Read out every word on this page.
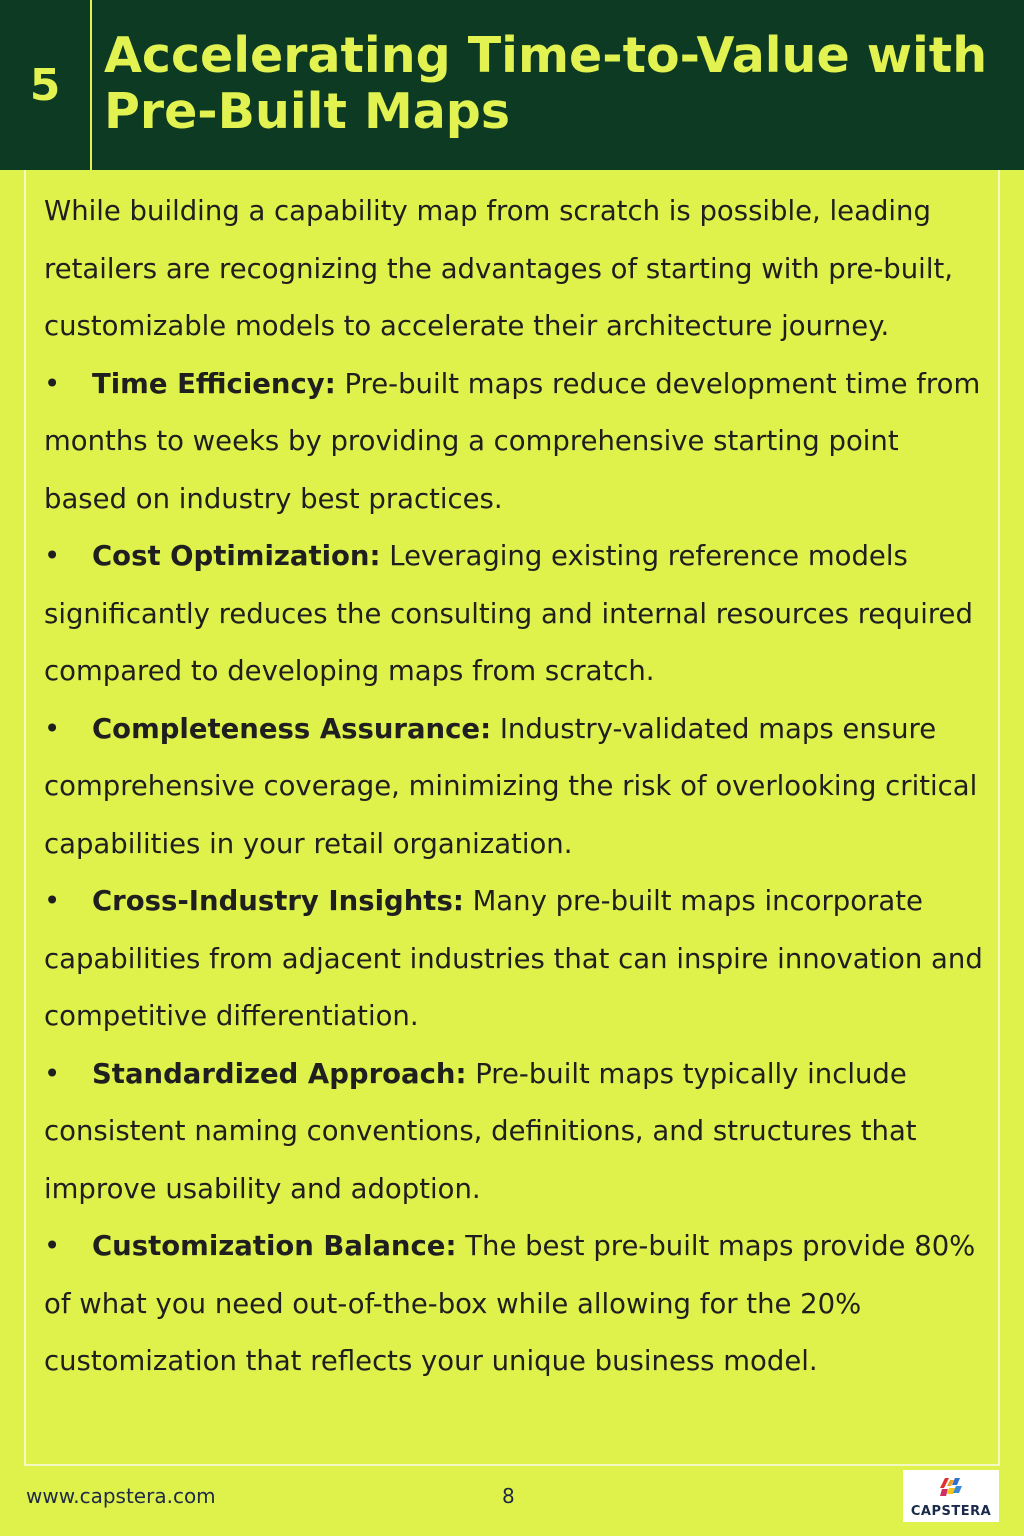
5
Accelerating Time-to-Value with
Pre-Built Maps

While building a capability map from scratch is possible, leading retailers are recognizing the advantages of starting with pre-built, customizable models to accelerate their architecture journey.

• Time Efficiency: Pre-built maps reduce development time from months to weeks by providing a comprehensive starting point based on industry best practices.

• Cost Optimization: Leveraging existing reference models significantly reduces the consulting and internal resources required compared to developing maps from scratch.

• Completeness Assurance: Industry-validated maps ensure comprehensive coverage, minimizing the risk of overlooking critical capabilities in your retail organization.

• Cross-Industry Insights: Many pre-built maps incorporate capabilities from adjacent industries that can inspire innovation and competitive differentiation.

• Standardized Approach: Pre-built maps typically include consistent naming conventions, definitions, and structures that improve usability and adoption.

• Customization Balance: The best pre-built maps provide 80% of what you need out-of-the-box while allowing for the 20% customization that reflects your unique business model.

www.capstera.com	8
CAPSTERA
